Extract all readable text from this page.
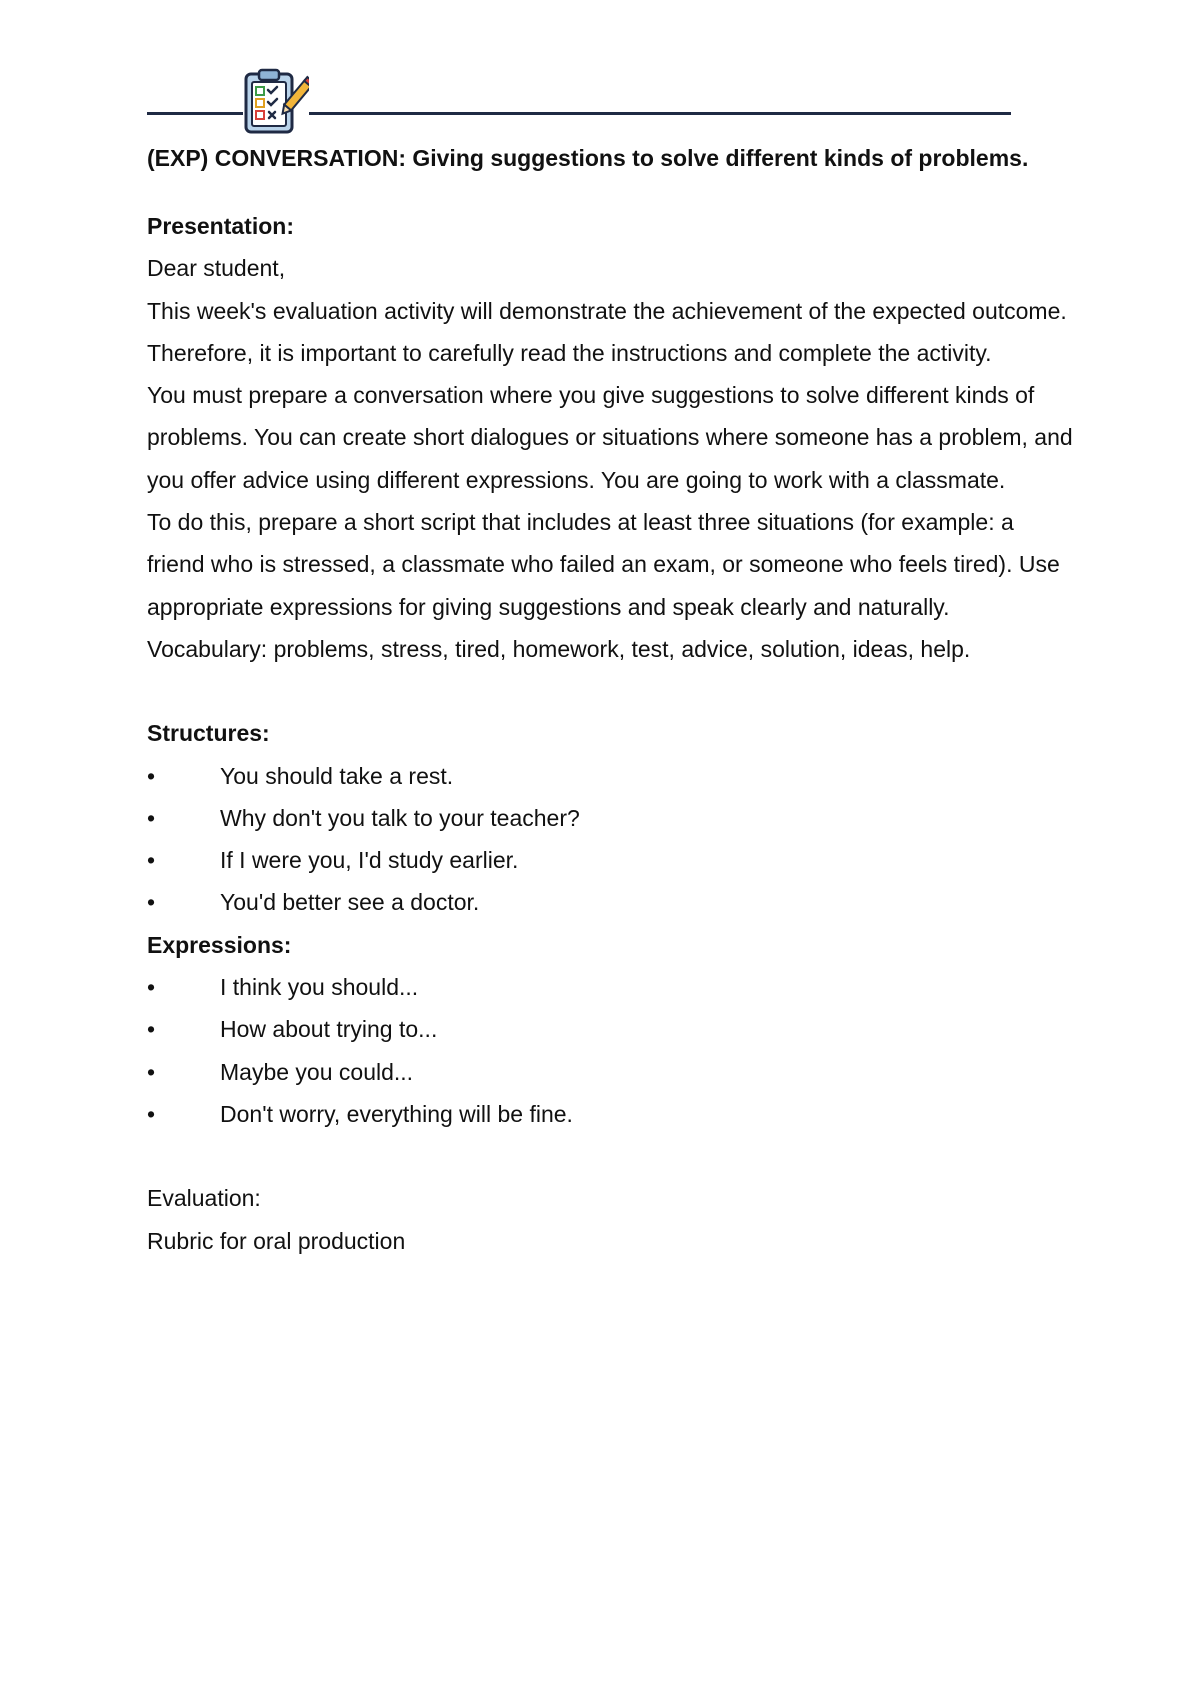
(EXP) CONVERSATION: Giving suggestions to solve different kinds of problems.

Presentation:

Dear student,

This week's evaluation activity will demonstrate the achievement of the expected outcome. Therefore, it is important to carefully read the instructions and complete the activity.

You must prepare a conversation where you give suggestions to solve different kinds of problems. You can create short dialogues or situations where someone has a problem, and you offer advice using different expressions. You are going to work with a classmate.

To do this, prepare a short script that includes at least three situations (for example: a friend who is stressed, a classmate who failed an exam, or someone who feels tired). Use appropriate expressions for giving suggestions and speak clearly and naturally.

Vocabulary: problems, stress, tired, homework, test, advice, solution, ideas, help.

Structures:

•	You should take a rest.
•	Why don't you talk to your teacher?
•	If I were you, I'd study earlier.
•	You'd better see a doctor.

Expressions:

•	I think you should...
•	How about trying to...
•	Maybe you could...
•	Don't worry, everything will be fine.

Evaluation:

Rubric for oral production
